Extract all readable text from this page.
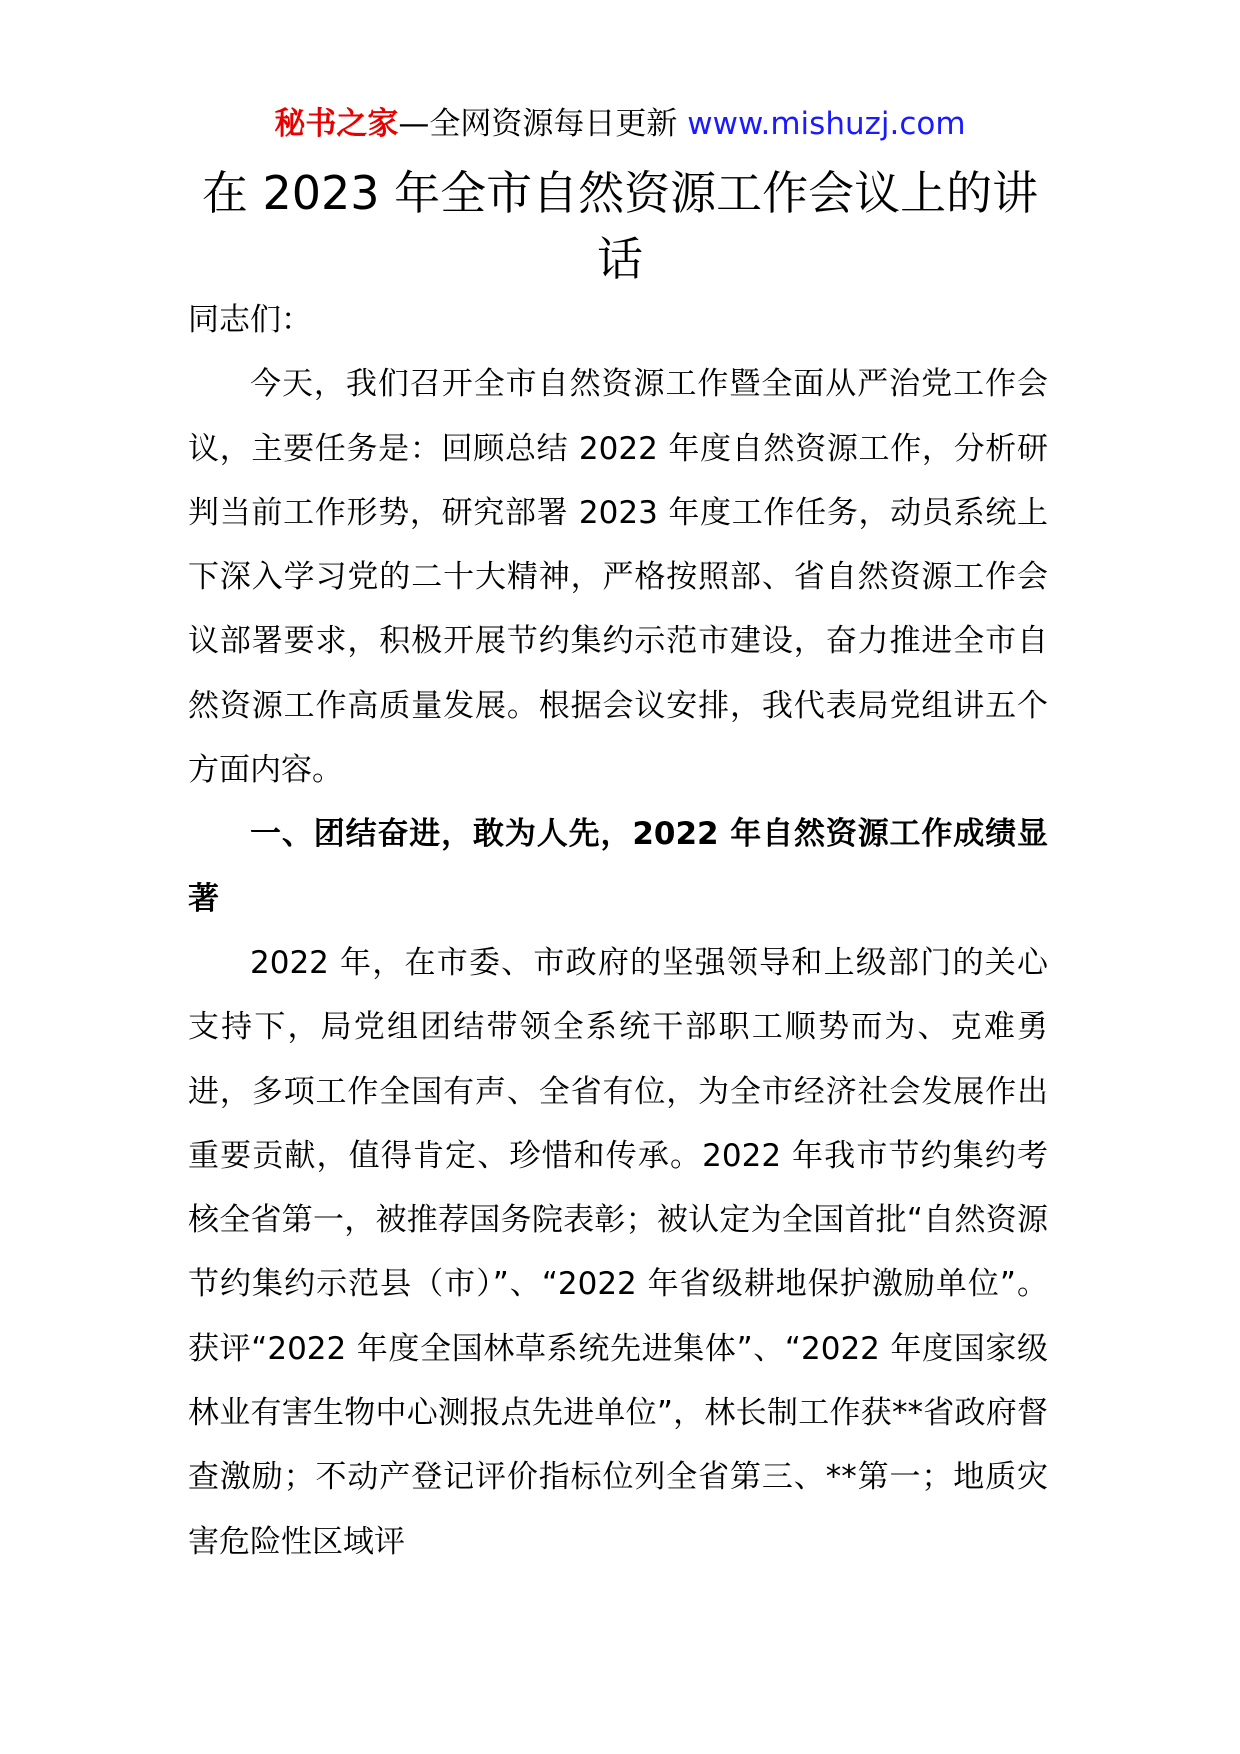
秘书之家—全网资源每日更新 www.mishuzj.com
在 2023 年全市自然资源工作会议上的讲话

同志们：

今天，我们召开全市自然资源工作暨全面从严治党工作会议，主要任务是：回顾总结 2022 年度自然资源工作，分析研判当前工作形势，研究部署 2023 年度工作任务，动员系统上下深入学习党的二十大精神，严格按照部、省自然资源工作会议部署要求，积极开展节约集约示范市建设，奋力推进全市自然资源工作高质量发展。根据会议安排，我代表局党组讲五个方面内容。

一、团结奋进，敢为人先，2022 年自然资源工作成绩显著

2022 年，在市委、市政府的坚强领导和上级部门的关心支持下，局党组团结带领全系统干部职工顺势而为、克难勇进，多项工作全国有声、全省有位，为全市经济社会发展作出重要贡献，值得肯定、珍惜和传承。2022 年我市节约集约考核全省第一，被推荐国务院表彰；被认定为全国首批“自然资源节约集约示范县（市）”、“2022 年省级耕地保护激励单位”。获评“2022 年度全国林草系统先进集体”、“2022 年度国家级林业有害生物中心测报点先进单位”，林长制工作获**省政府督查激励；不动产登记评价指标位列全省第三、**第一；地质灾害危险性区域评
